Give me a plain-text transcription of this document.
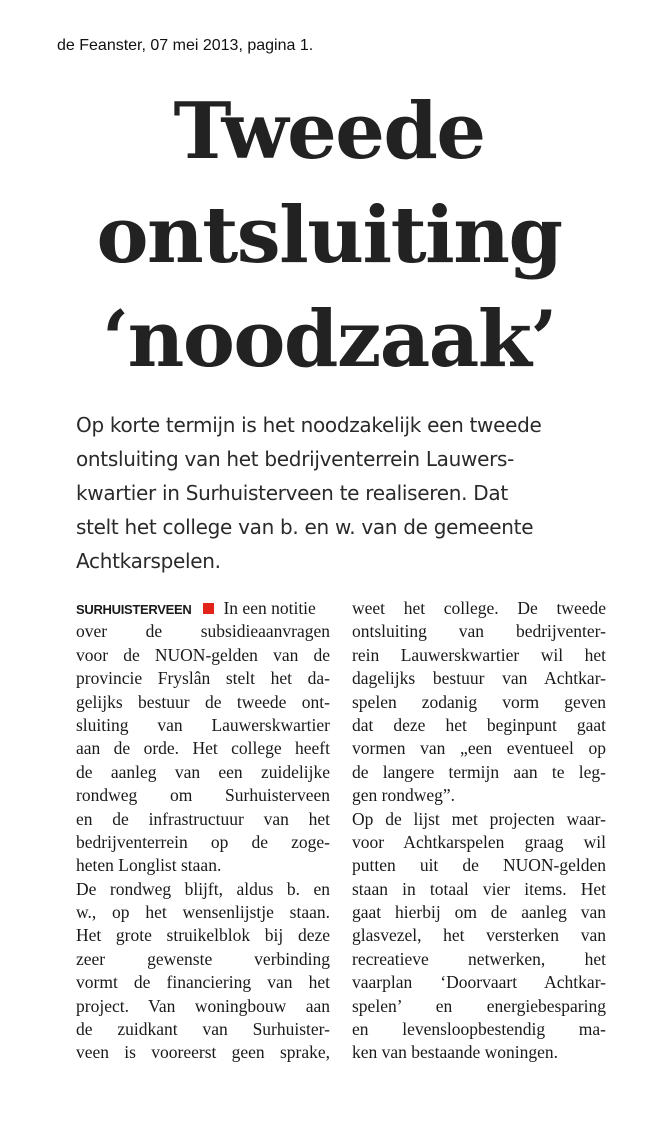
de Feanster, 07 mei 2013, pagina 1.
Tweede
ontsluiting
‘noodzaak’
Op korte termijn is het noodzakelijk een tweede
ontsluiting van het bedrijventerrein Lauwers-
kwartier in Surhuisterveen te realiseren. Dat
stelt het college van b. en w. van de gemeente
Achtkarspelen.
SURHUISTERVEEN In een notitie
over de subsidieaanvragen
voor de NUON-gelden van de
provincie Fryslân stelt het da-
gelijks bestuur de tweede ont-
sluiting van Lauwerskwartier
aan de orde. Het college heeft
de aanleg van een zuidelijke
rondweg om Surhuisterveen
en de infrastructuur van het
bedrijventerrein op de zoge-
heten Longlist staan.
De rondweg blijft, aldus b. en
w., op het wensenlijstje staan.
Het grote struikelblok bij deze
zeer gewenste verbinding
vormt de financiering van het
project. Van woningbouw aan
de zuidkant van Surhuister-
veen is vooreerst geen sprake,
weet het college. De tweede
ontsluiting van bedrijventer-
rein Lauwerskwartier wil het
dagelijks bestuur van Achtkar-
spelen zodanig vorm geven
dat deze het beginpunt gaat
vormen van „een eventueel op
de langere termijn aan te leg-
gen rondweg”.
Op de lijst met projecten waar-
voor Achtkarspelen graag wil
putten uit de NUON-gelden
staan in totaal vier items. Het
gaat hierbij om de aanleg van
glasvezel, het versterken van
recreatieve netwerken, het
vaarplan ‘Doorvaart Achtkar-
spelen’ en energiebesparing
en levensloopbestendig ma-
ken van bestaande woningen.
